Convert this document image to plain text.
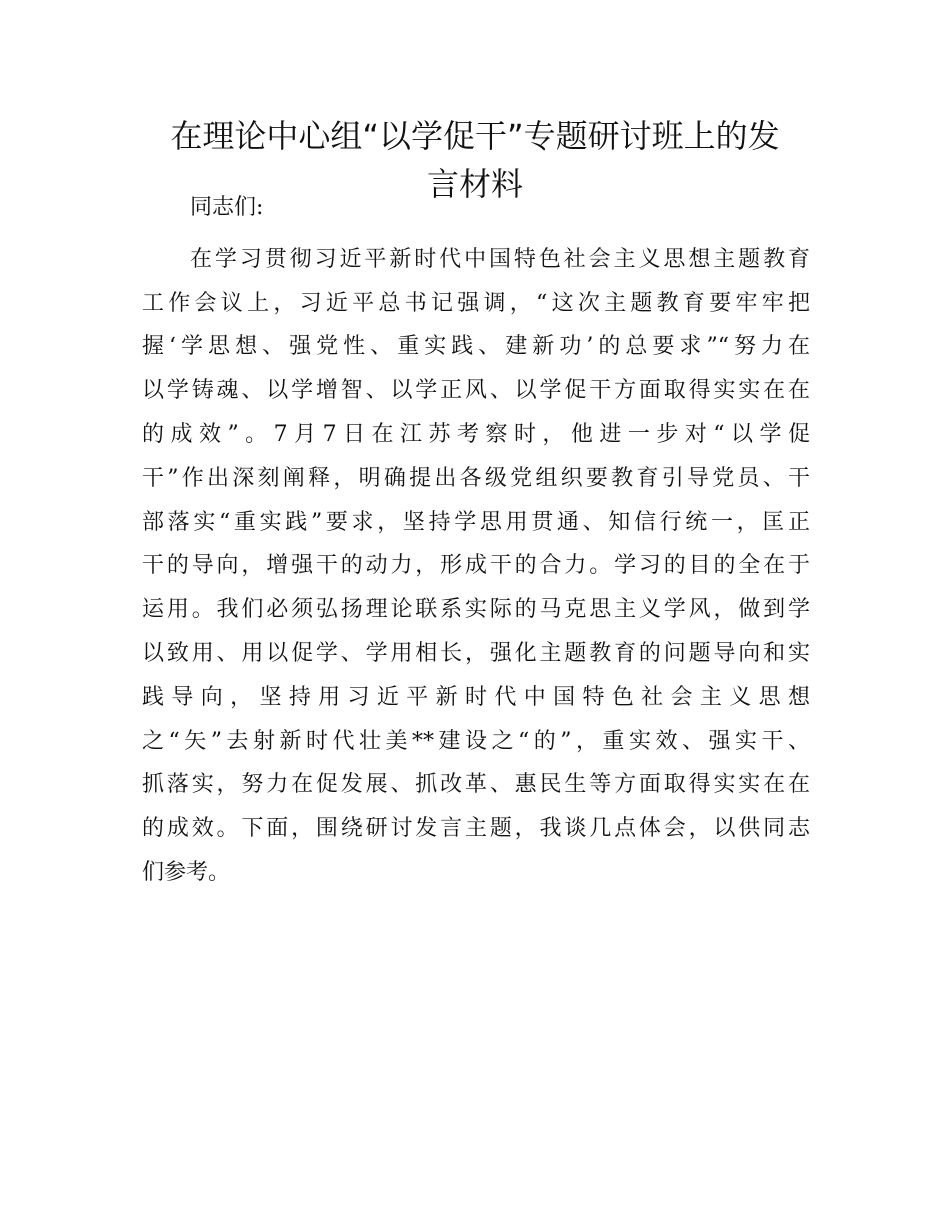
在理论中心组“以学促干”专题研讨班上的发
言材料
同志们:
在学习贯彻习近平新时代中国特色社会主义思想主题教育
工作会议上，习近平总书记强调，“这次主题教育要牢牢把
握‘学思想、强党性、重实践、建新功’的总要求”“努力在
以学铸魂、以学增智、以学正风、以学促干方面取得实实在在
的成效”。7月7日在江苏考察时，他进一步对“以学促
干”作出深刻阐释，明确提出各级党组织要教育引导党员、干
部落实“重实践”要求，坚持学思用贯通、知信行统一，匡正
干的导向，增强干的动力，形成干的合力。学习的目的全在于
运用。我们必须弘扬理论联系实际的马克思主义学风，做到学
以致用、用以促学、学用相长，强化主题教育的问题导向和实
践导向，坚持用习近平新时代中国特色社会主义思想
之“矢”去射新时代壮美**建设之“的”，重实效、强实干、
抓落实，努力在促发展、抓改革、惠民生等方面取得实实在在
的成效。下面，围绕研讨发言主题，我谈几点体会，以供同志
们参考。
